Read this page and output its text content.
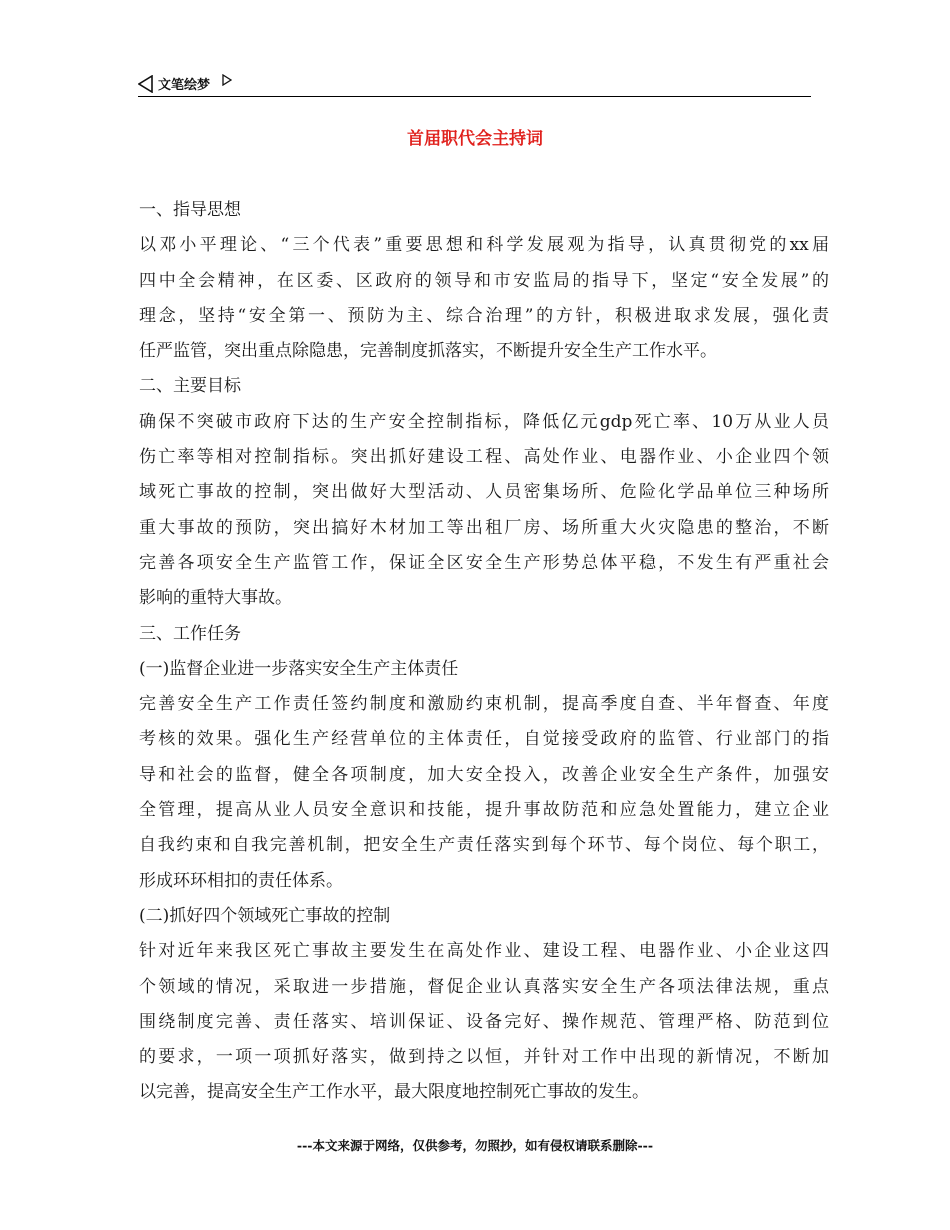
文笔绘梦
首届职代会主持词
一、指导思想
以邓小平理论、“三个代表”重要思想和科学发展观为指导，认真贯彻党的xx届
四中全会精神，在区委、区政府的领导和市安监局的指导下，坚定“安全发展”的
理念，坚持“安全第一、预防为主、综合治理”的方针，积极进取求发展，强化责
任严监管，突出重点除隐患，完善制度抓落实，不断提升安全生产工作水平。
二、主要目标
确保不突破市政府下达的生产安全控制指标，降低亿元gdp死亡率、10万从业人员
伤亡率等相对控制指标。突出抓好建设工程、高处作业、电器作业、小企业四个领
域死亡事故的控制，突出做好大型活动、人员密集场所、危险化学品单位三种场所
重大事故的预防，突出搞好木材加工等出租厂房、场所重大火灾隐患的整治，不断
完善各项安全生产监管工作，保证全区安全生产形势总体平稳，不发生有严重社会
影响的重特大事故。
三、工作任务
(一)监督企业进一步落实安全生产主体责任
完善安全生产工作责任签约制度和激励约束机制，提高季度自查、半年督查、年度
考核的效果。强化生产经营单位的主体责任，自觉接受政府的监管、行业部门的指
导和社会的监督，健全各项制度，加大安全投入，改善企业安全生产条件，加强安
全管理，提高从业人员安全意识和技能，提升事故防范和应急处置能力，建立企业
自我约束和自我完善机制，把安全生产责任落实到每个环节、每个岗位、每个职工，
形成环环相扣的责任体系。
(二)抓好四个领域死亡事故的控制
针对近年来我区死亡事故主要发生在高处作业、建设工程、电器作业、小企业这四
个领域的情况，采取进一步措施，督促企业认真落实安全生产各项法律法规，重点
围绕制度完善、责任落实、培训保证、设备完好、操作规范、管理严格、防范到位
的要求，一项一项抓好落实，做到持之以恒，并针对工作中出现的新情况，不断加
以完善，提高安全生产工作水平，最大限度地控制死亡事故的发生。
---本文来源于网络，仅供参考，勿照抄，如有侵权请联系删除---
